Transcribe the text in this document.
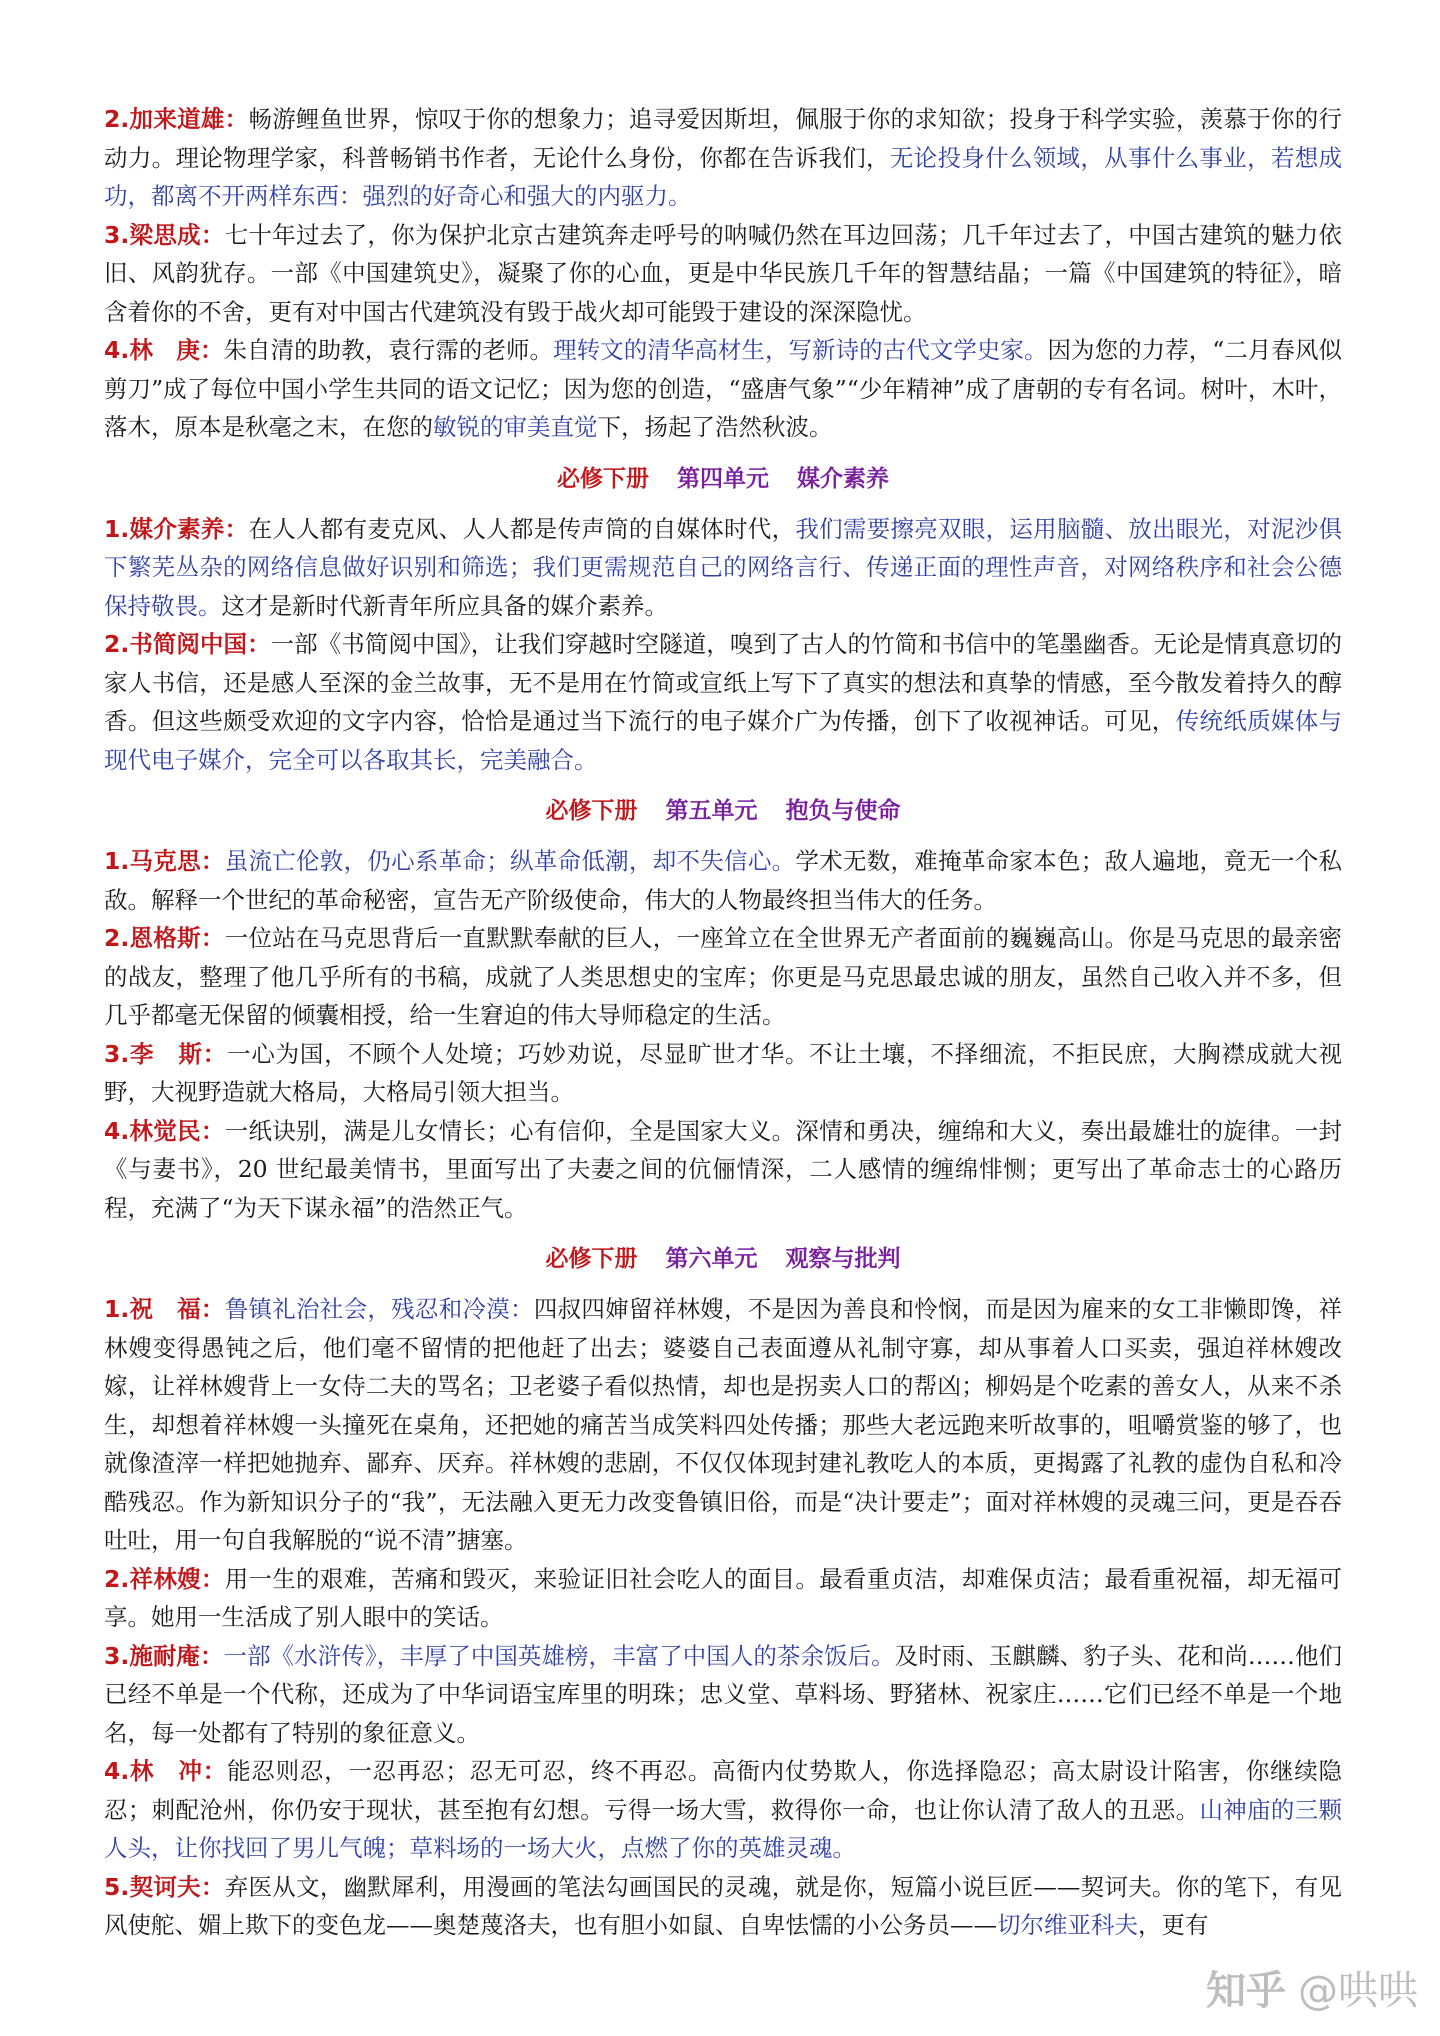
2.加来道雄：畅游鲤鱼世界，惊叹于你的想象力；追寻爱因斯坦，佩服于你的求知欲；投身于科学实验，羡慕于你的行动力。理论物理学家，科普畅销书作者，无论什么身份，你都在告诉我们，无论投身什么领域，从事什么事业，若想成功，都离不开两样东西：强烈的好奇心和强大的内驱力。

3.梁思成：七十年过去了，你为保护北京古建筑奔走呼号的呐喊仍然在耳边回荡；几千年过去了，中国古建筑的魅力依旧、风韵犹存。一部《中国建筑史》，凝聚了你的心血，更是中华民族几千年的智慧结晶；一篇《中国建筑的特征》，暗含着你的不舍，更有对中国古代建筑没有毁于战火却可能毁于建设的深深隐忧。

4.林　庚：朱自清的助教，袁行霈的老师。理转文的清华高材生，写新诗的古代文学史家。因为您的力荐，“二月春风似剪刀”成了每位中国小学生共同的语文记忆；因为您的创造，“盛唐气象”“少年精神”成了唐朝的专有名词。树叶，木叶，落木，原本是秋毫之末，在您的敏锐的审美直觉下，扬起了浩然秋波。

必修下册 第四单元 媒介素养

1.媒介素养：在人人都有麦克风、人人都是传声筒的自媒体时代，我们需要擦亮双眼，运用脑髓、放出眼光，对泥沙俱下繁芜丛杂的网络信息做好识别和筛选；我们更需规范自己的网络言行、传递正面的理性声音，对网络秩序和社会公德保持敬畏。这才是新时代新青年所应具备的媒介素养。

2.书简阅中国：一部《书简阅中国》，让我们穿越时空隧道，嗅到了古人的竹简和书信中的笔墨幽香。无论是情真意切的家人书信，还是感人至深的金兰故事，无不是用在竹简或宣纸上写下了真实的想法和真挚的情感，至今散发着持久的醇香。但这些颇受欢迎的文字内容，恰恰是通过当下流行的电子媒介广为传播，创下了收视神话。可见，传统纸质媒体与现代电子媒介，完全可以各取其长，完美融合。

必修下册 第五单元 抱负与使命

1.马克思：虽流亡伦敦，仍心系革命；纵革命低潮，却不失信心。学术无数，难掩革命家本色；敌人遍地，竟无一个私敌。解释一个世纪的革命秘密，宣告无产阶级使命，伟大的人物最终担当伟大的任务。

2.恩格斯：一位站在马克思背后一直默默奉献的巨人，一座耸立在全世界无产者面前的巍巍高山。你是马克思的最亲密的战友，整理了他几乎所有的书稿，成就了人类思想史的宝库；你更是马克思最忠诚的朋友，虽然自己收入并不多，但几乎都毫无保留的倾囊相授，给一生窘迫的伟大导师稳定的生活。

3.李　斯：一心为国，不顾个人处境；巧妙劝说，尽显旷世才华。不让土壤，不择细流，不拒民庶，大胸襟成就大视野，大视野造就大格局，大格局引领大担当。

4.林觉民：一纸诀别，满是儿女情长；心有信仰，全是国家大义。深情和勇决，缠绵和大义，奏出最雄壮的旋律。一封《与妻书》，20 世纪最美情书，里面写出了夫妻之间的伉俪情深，二人感情的缠绵悱恻；更写出了革命志士的心路历程，充满了“为天下谋永福”的浩然正气。

必修下册 第六单元 观察与批判

1.祝　福：鲁镇礼治社会，残忍和冷漠：四叔四婶留祥林嫂，不是因为善良和怜悯，而是因为雇来的女工非懒即馋，祥林嫂变得愚钝之后，他们毫不留情的把他赶了出去；婆婆自己表面遵从礼制守寡，却从事着人口买卖，强迫祥林嫂改嫁，让祥林嫂背上一女侍二夫的骂名；卫老婆子看似热情，却也是拐卖人口的帮凶；柳妈是个吃素的善女人，从来不杀生，却想着祥林嫂一头撞死在桌角，还把她的痛苦当成笑料四处传播；那些大老远跑来听故事的，咀嚼赏鉴的够了，也就像渣滓一样把她抛弃、鄙弃、厌弃。祥林嫂的悲剧，不仅仅体现封建礼教吃人的本质，更揭露了礼教的虚伪自私和冷酷残忍。作为新知识分子的“我”，无法融入更无力改变鲁镇旧俗，而是“决计要走”；面对祥林嫂的灵魂三问，更是吞吞吐吐，用一句自我解脱的“说不清”搪塞。

2.祥林嫂：用一生的艰难，苦痛和毁灭，来验证旧社会吃人的面目。最看重贞洁，却难保贞洁；最看重祝福，却无福可享。她用一生活成了别人眼中的笑话。

3.施耐庵：一部《水浒传》，丰厚了中国英雄榜，丰富了中国人的茶余饭后。及时雨、玉麒麟、豹子头、花和尚……他们已经不单是一个代称，还成为了中华词语宝库里的明珠；忠义堂、草料场、野猪林、祝家庄……它们已经不单是一个地名，每一处都有了特别的象征意义。

4.林　冲：能忍则忍，一忍再忍；忍无可忍，终不再忍。高衙内仗势欺人，你选择隐忍；高太尉设计陷害，你继续隐忍；刺配沧州，你仍安于现状，甚至抱有幻想。亏得一场大雪，救得你一命，也让你认清了敌人的丑恶。山神庙的三颗人头，让你找回了男儿气魄；草料场的一场大火，点燃了你的英雄灵魂。

5.契诃夫：弃医从文，幽默犀利，用漫画的笔法勾画国民的灵魂，就是你，短篇小说巨匠——契诃夫。你的笔下，有见风使舵、媚上欺下的变色龙——奥楚蔑洛夫，也有胆小如鼠、自卑怯懦的小公务员——切尔维亚科夫，更有

知乎 @哄哄
